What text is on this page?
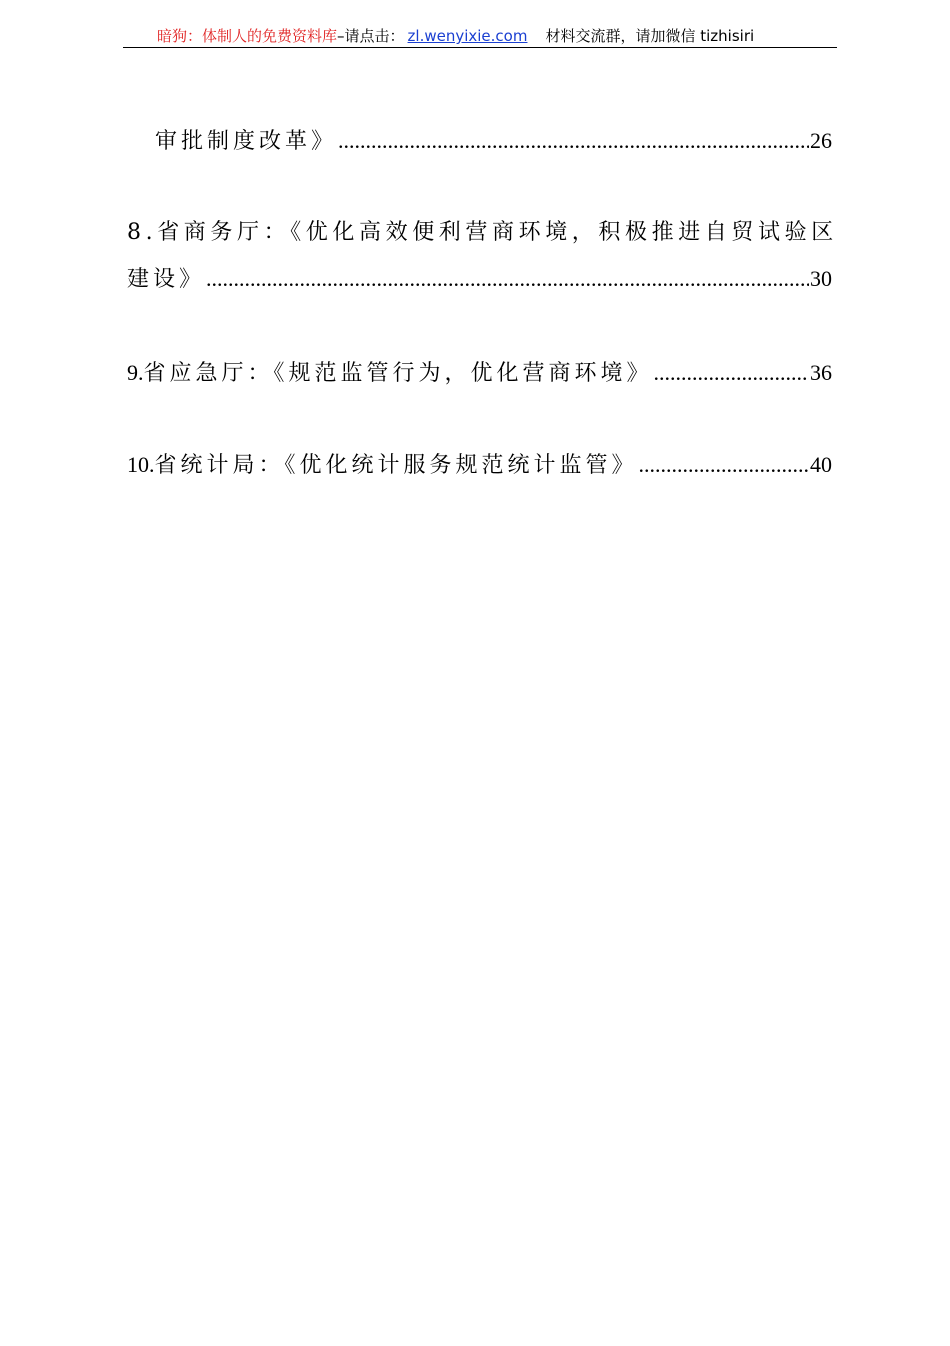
暗狗：体制人的免费资料库–请点击： zl.wenyixie.com 材料交流群，请加微信 tizhisiri
审批制度改革》 .....	26
8.省商务厅：《优化高效便利营商环境，积极推进自贸试验区
建设》 .....	30
9.省应急厅：《规范监管行为，优化营商环境》 .....	36
10.省统计局：《优化统计服务规范统计监管》 .....	40
